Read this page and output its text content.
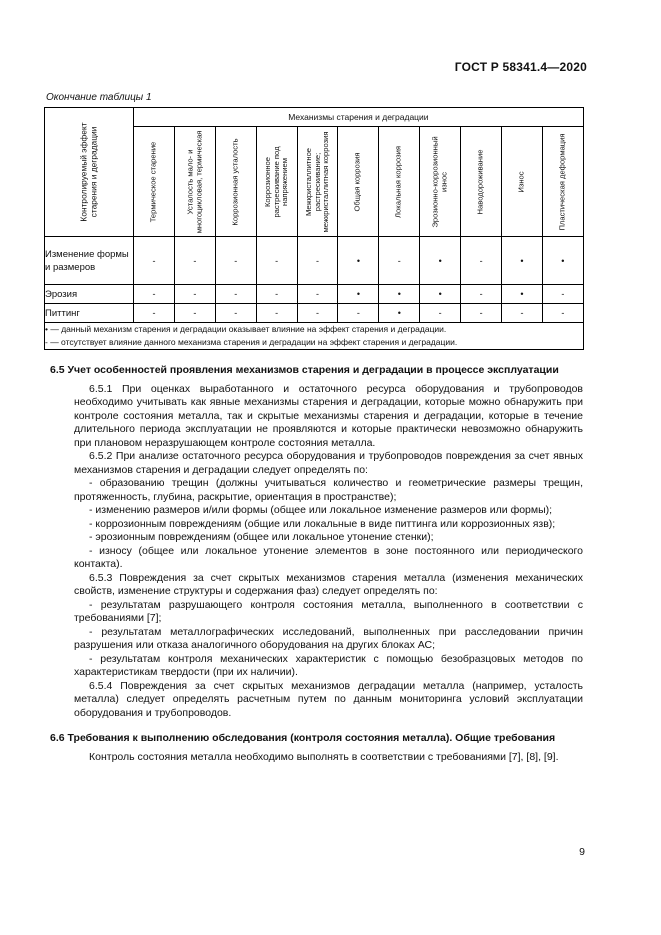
ГОСТ Р 58341.4—2020
Окончание таблицы 1
Контролируемый эффект старения и деградации	Механизмы старения и деградации										

	Термическое старение	Усталость мало- и многоцикловая, термическая	Коррозионная усталость	Коррозионное растрескивание под напряжением	Межкристаллитное растрескивание; межкристаллитная коррозия	Общая коррозия	Локальная коррозия	Эрозионно-коррозионный износ	Наводороживание	Износ	Пластическая деформация

Изменение формы и размеров	-	-	-	-	-	•	-	•	-	•	•
Эрозия	-	-	-	-	-	•	•	•	-	•	-
Питтинг	-	-	-	-	-	-	•	-	-	-	-

• — данный механизм старения и деградации оказывает влияние на эффект старения и деградации.
- — отсутствует влияние данного механизма старения и деградации на эффект старения и деградации.											

6.5 Учет особенностей проявления механизмов старения и деградации в процессе эксплуатации

6.5.1 При оценках выработанного и остаточного ресурса оборудования и трубопроводов необходимо учитывать как явные механизмы старения и деградации, которые можно обнаружить при контроле состояния металла, так и скрытые механизмы старения и деградации, которые в течение длительного периода эксплуатации не проявляются и которые практически невозможно обнаружить при плановом неразрушающем контроле состояния металла.

6.5.2 При анализе остаточного ресурса оборудования и трубопроводов повреждения за счет явных механизмов старения и деградации следует определять по:

- образованию трещин (должны учитываться количество и геометрические размеры трещин, протяженность, глубина, раскрытие, ориентация в пространстве);

- изменению размеров и/или формы (общее или локальное изменение размеров или формы);

- коррозионным повреждениям (общие или локальные в виде питтинга или коррозионных язв);

- эрозионным повреждениям (общее или локальное утонение стенки);

- износу (общее или локальное утонение элементов в зоне постоянного или периодического контакта).

6.5.3 Повреждения за счет скрытых механизмов старения металла (изменения механических свойств, изменение структуры и содержания фаз) следует определять по:

- результатам разрушающего контроля состояния металла, выполненного в соответствии с требованиями [7];

- результатам металлографических исследований, выполненных при расследовании причин разрушения или отказа аналогичного оборудования на других блоках АС;

- результатам контроля механических характеристик с помощью безобразцовых методов по характеристикам твердости (при их наличии).

6.5.4 Повреждения за счет скрытых механизмов деградации металла (например, усталость металла) следует определять расчетным путем по данным мониторинга условий эксплуатации оборудования и трубопроводов.

6.6 Требования к выполнению обследования (контроля состояния металла). Общие требования

Контроль состояния металла необходимо выполнять в соответствии с требованиями [7], [8], [9].

9
